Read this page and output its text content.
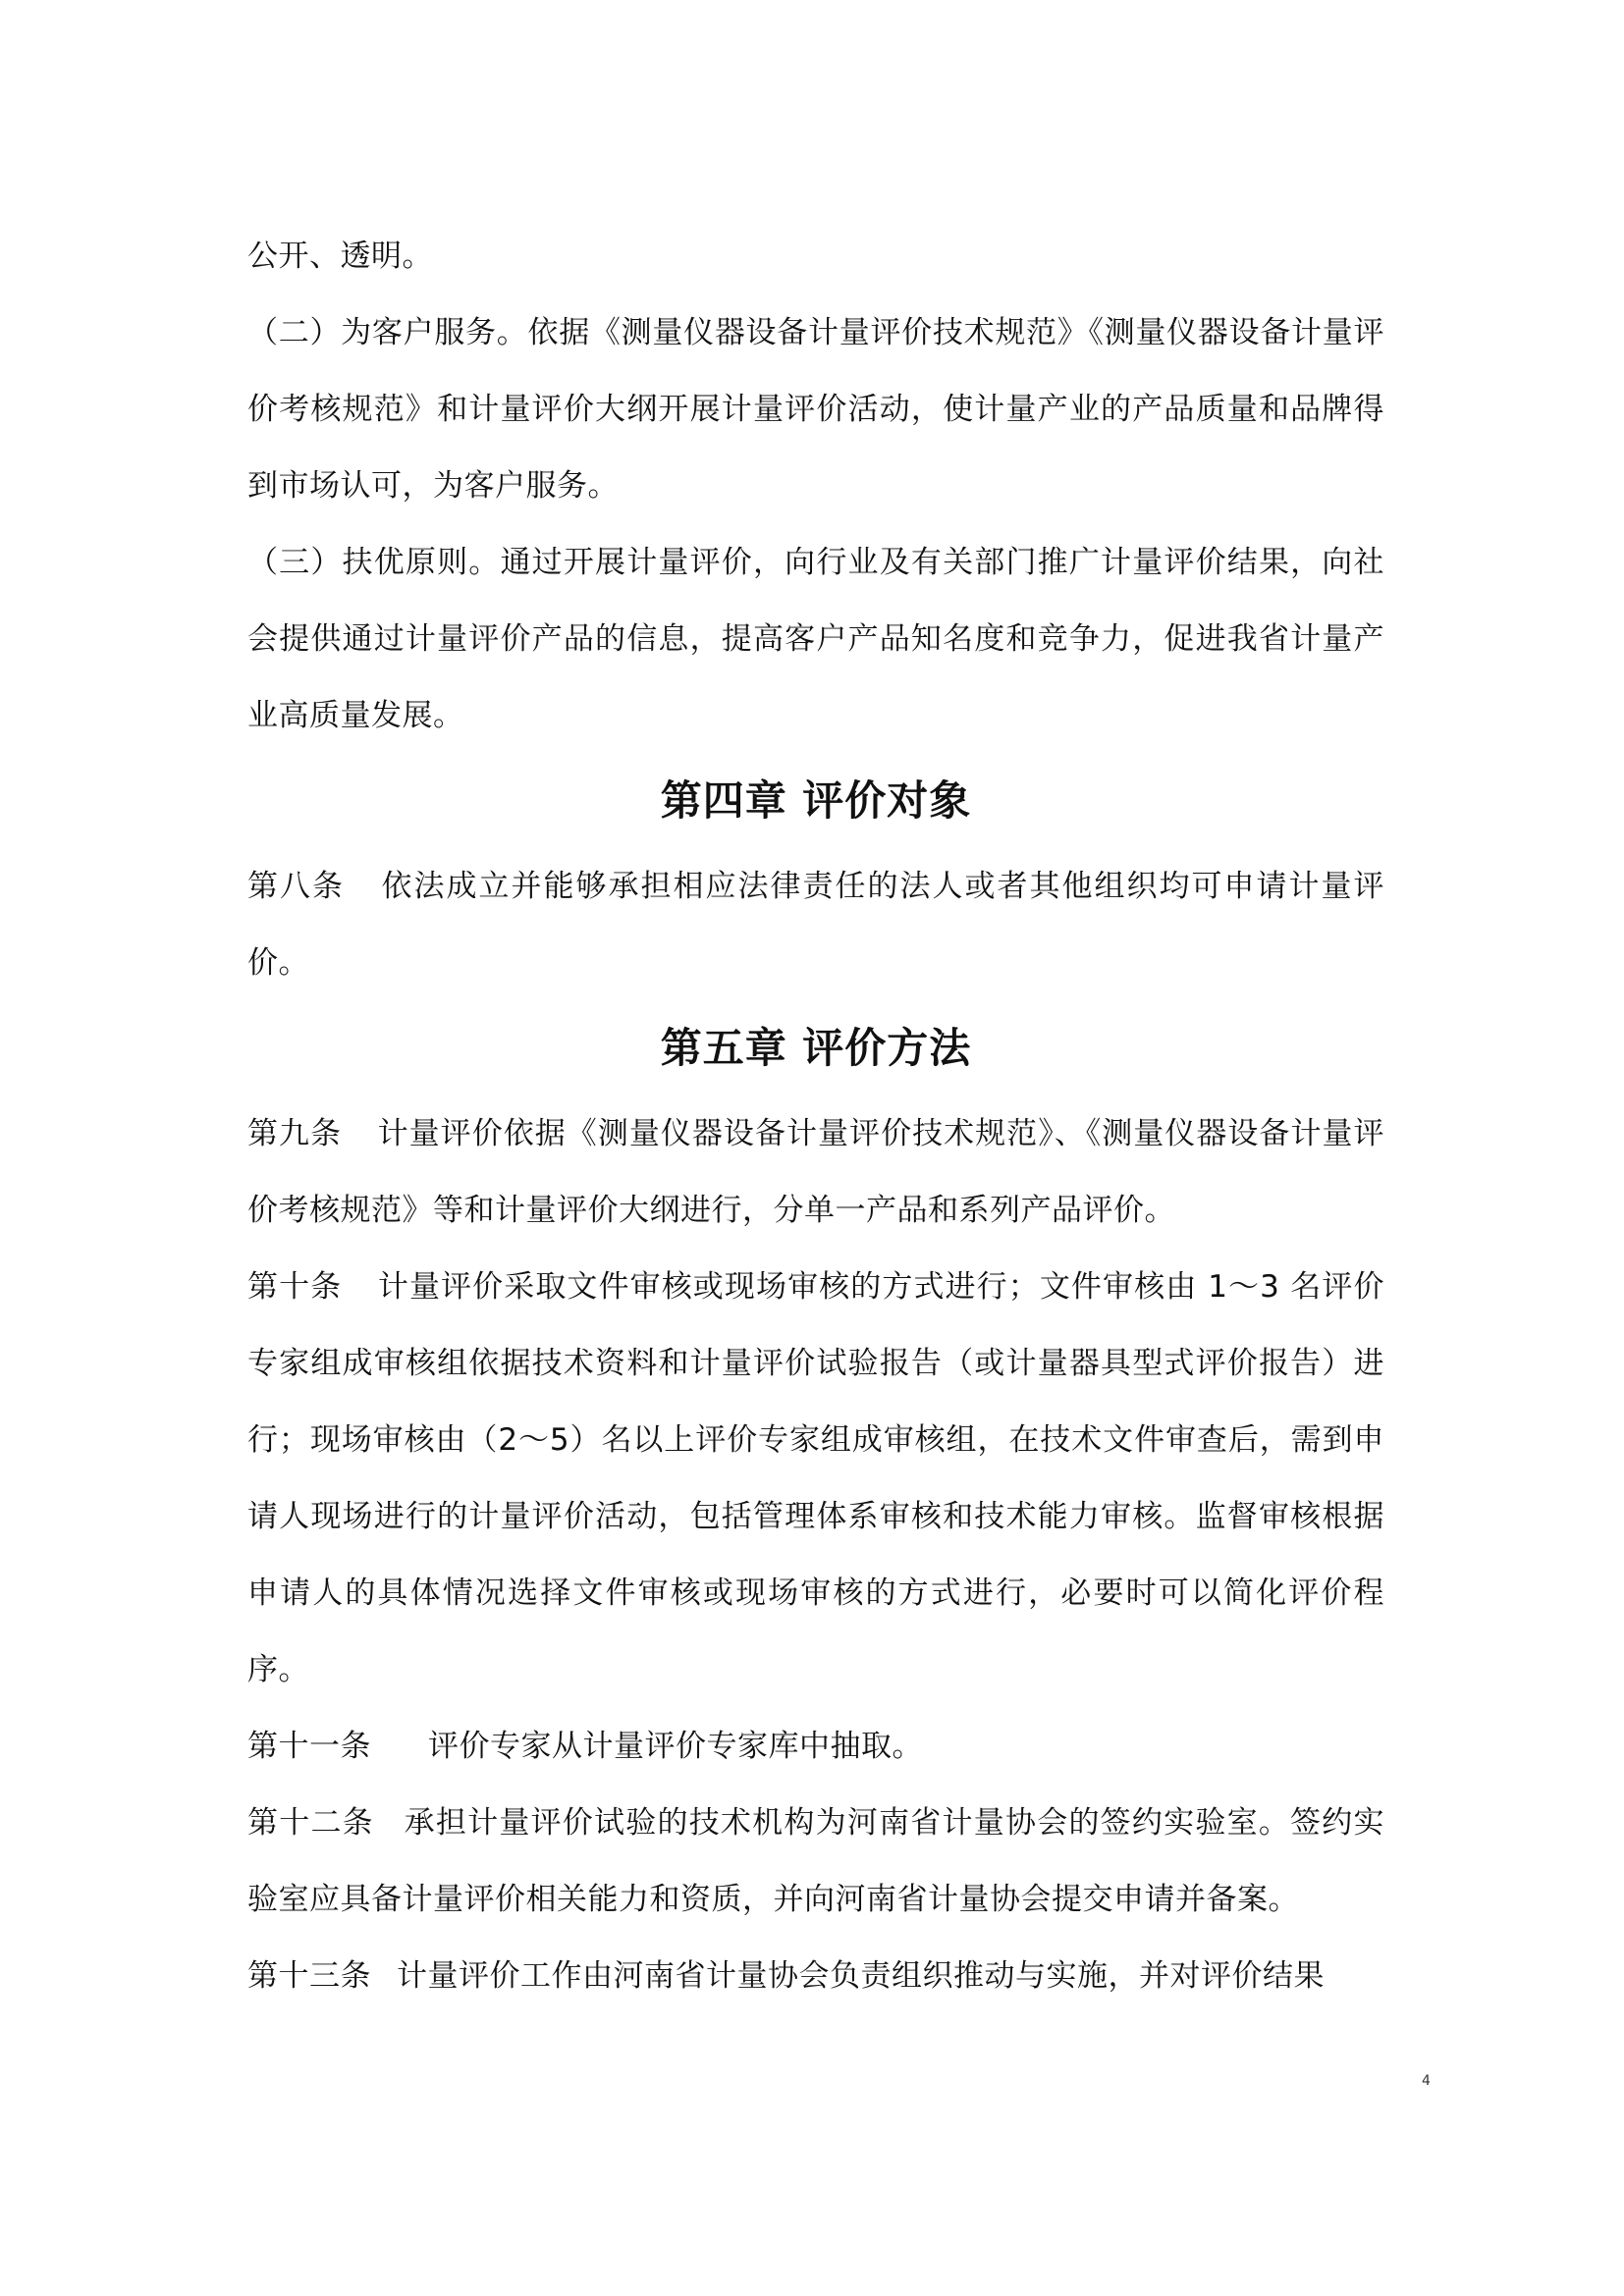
公开、透明。

（二）为客户服务。依据《测量仪器设备计量评价技术规范》《测量仪器设备计量评价考核规范》和计量评价大纲开展计量评价活动，使计量产业的产品质量和品牌得到市场认可，为客户服务。

（三）扶优原则。通过开展计量评价，向行业及有关部门推广计量评价结果，向社会提供通过计量评价产品的信息，提高客户产品知名度和竞争力，促进我省计量产业高质量发展。

第四章 评价对象

第八条 依法成立并能够承担相应法律责任的法人或者其他组织均可申请计量评价。

第五章 评价方法

第九条 计量评价依据《测量仪器设备计量评价技术规范》、《测量仪器设备计量评价考核规范》等和计量评价大纲进行，分单一产品和系列产品评价。

第十条 计量评价采取文件审核或现场审核的方式进行；文件审核由 1～3 名评价专家组成审核组依据技术资料和计量评价试验报告（或计量器具型式评价报告）进行；现场审核由（2～5）名以上评价专家组成审核组，在技术文件审查后，需到申请人现场进行的计量评价活动，包括管理体系审核和技术能力审核。监督审核根据申请人的具体情况选择文件审核或现场审核的方式进行，必要时可以简化评价程序。

第十一条 评价专家从计量评价专家库中抽取。

第十二条 承担计量评价试验的技术机构为河南省计量协会的签约实验室。签约实验室应具备计量评价相关能力和资质，并向河南省计量协会提交申请并备案。

第十三条 计量评价工作由河南省计量协会负责组织推动与实施，并对评价结果

4
